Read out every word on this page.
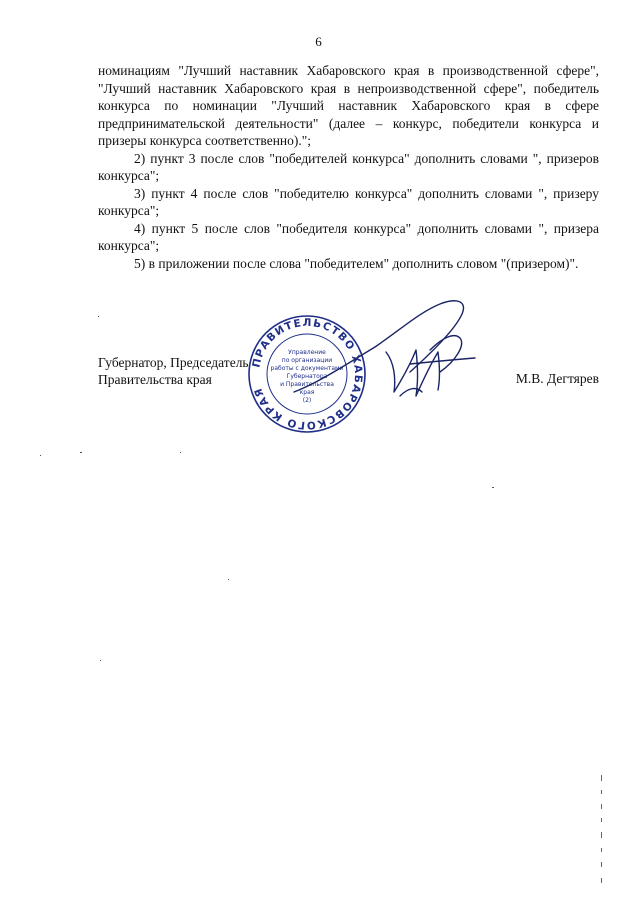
6

номинациям "Лучший наставник Хабаровского края в производственной сфере", "Лучший наставник Хабаровского края в непроизводственной сфере", победитель конкурса по номинации "Лучший наставник Хабаровского края в сфере предпринимательской деятельности" (далее – конкурс, победители конкурса и призеры конкурса соответственно).";

2) пункт 3 после слов "победителей конкурса" дополнить словами ", призеров конкурса";

3) пункт 4 после слов "победителю конкурса" дополнить словами ", призеру конкурса";

4) пункт 5 после слов "победителя конкурса" дополнить словами ", призера конкурса";

5) в приложении после слова "победителем" дополнить словом "(призером)".

Губернатор, Председатель
Правительства края	М.В. Дегтярев
ПРАВИТЕЛЬСТВО ХАБАРОВСКОГО КРАЯ
Управление
по организации
работы с документами
Губернатора
и Правительства
края
(2)
